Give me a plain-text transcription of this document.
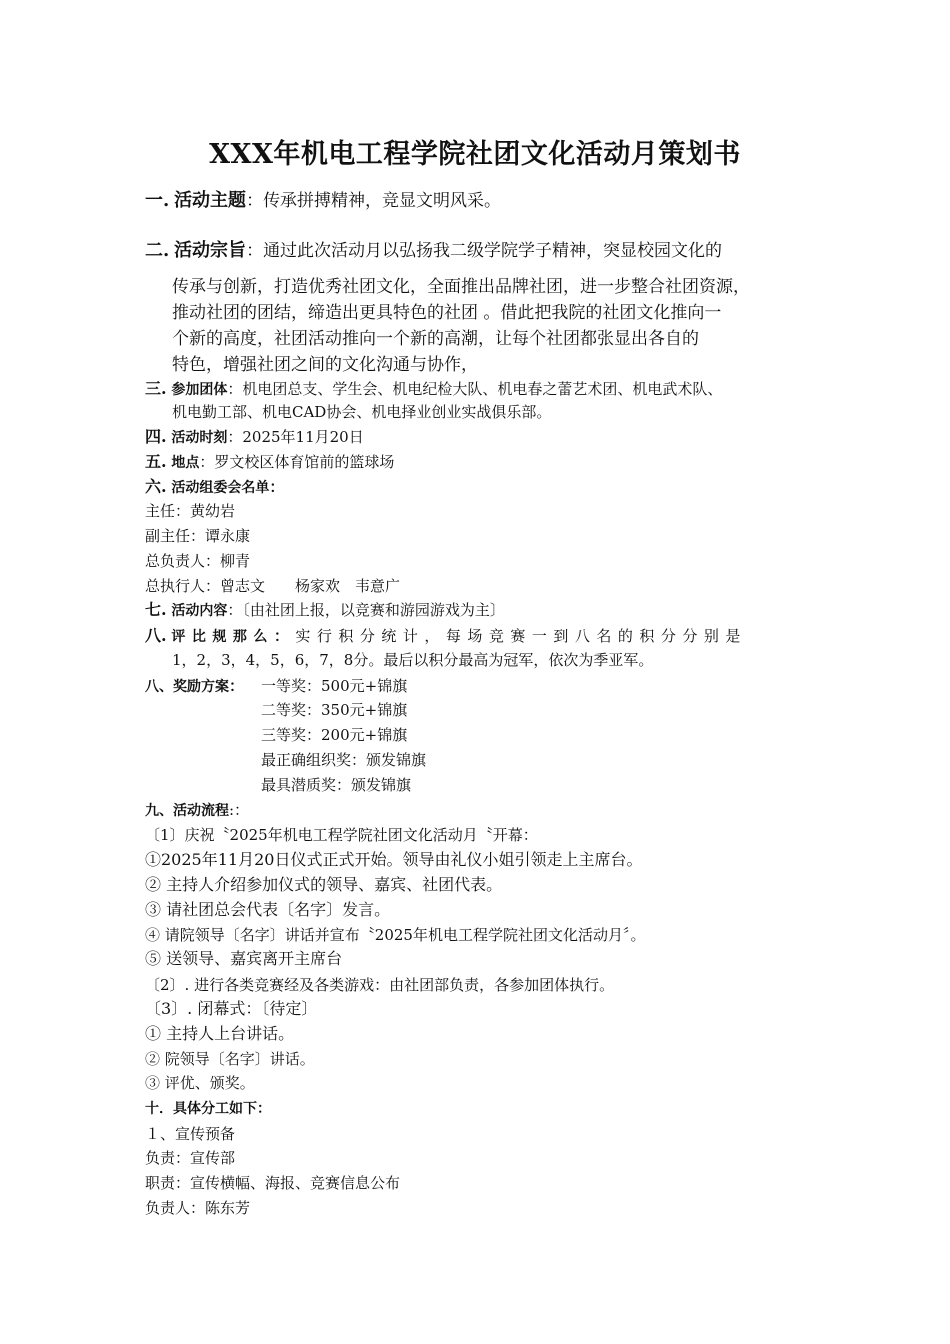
XXX年机电工程学院社团文化活动月策划书
一. 活动主题：传承拼搏精神，竞显文明风采。
二. 活动宗旨：通过此次活动月以弘扬我二级学院学子精神，突显校园文化的
传承与创新，打造优秀社团文化，全面推出品牌社团，进一步整合社团资源，
推动社团的团结，缔造出更具特色的社团 。借此把我院的社团文化推向一
个新的高度，社团活动推向一个新的高潮，让每个社团都张显出各自的
特色，增强社团之间的文化沟通与协作，
三. 参加团体：机电团总支、学生会、机电纪检大队、机电春之蕾艺术团、机电武术队、
机电勤工部、机电CAD协会、机电择业创业实战俱乐部。
四. 活动时刻：2025年11月20日
五. 地点：罗文校区体育馆前的篮球场
六. 活动组委会名单：
主任：黄幼岩
副主任：谭永康
总负责人：柳青
总执行人：曾志文　　杨家欢　韦意广
七. 活动内容：〔由社团上报，以竞赛和游园游戏为主〕
八. 评比规那么：实行积分统计，每场竞赛一到八名的积分分别是
1，2，3，4，5，6，7，8分。最后以积分最高为冠军，依次为季亚军。
八、奖励方案： 一等奖：500元+锦旗
二等奖：350元+锦旗
三等奖：200元+锦旗
最正确组织奖：颁发锦旗
最具潜质奖：颁发锦旗
九、活动流程:：
〔1〕庆祝〝2025年机电工程学院社团文化活动月〝开幕：
①2025年11月20日仪式正式开始。领导由礼仪小姐引领走上主席台。
② 主持人介绍参加仪式的领导、嘉宾、社团代表。
③ 请社团总会代表〔名字〕发言。
④ 请院领导〔名字〕讲话并宣布〝2025年机电工程学院社团文化活动月〞。
⑤ 送领导、嘉宾离开主席台
〔2〕. 进行各类竞赛经及各类游戏：由社团部负责，各参加团体执行。
〔3〕. 闭幕式：〔待定〕
① 主持人上台讲话。
② 院领导〔名字〕讲话。
③ 评优、颁奖。
十．具体分工如下：
１、宣传预备
负责：宣传部
职责：宣传横幅、海报、竞赛信息公布
负责人：陈东芳
